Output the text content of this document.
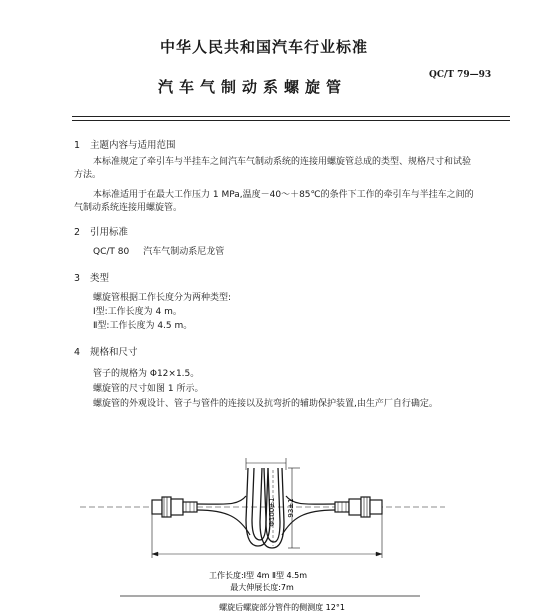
中华人民共和国汽车行业标准
汽车气制动系螺旋管
QC/T 79—93
1 主题内容与适用范围
本标准规定了牵引车与半挂车之间汽车气制动系统的连接用螺旋管总成的类型、规格尺寸和试验
方法。
本标准适用于在最大工作压力 1 MPa,温度－40～＋85℃的条件下工作的牵引车与半挂车之间的
气制动系统连接用螺旋管。
2 引用标准
QC/T 80 汽车气制动系尼龙管
3 类型
螺旋管根据工作长度分为两种类型:
Ⅰ型:工作长度为 4 m。
Ⅱ型:工作长度为 4.5 m。
4 规格和尺寸
管子的规格为 Φ12×1.5。
螺旋管的尺寸如图 1 所示。
螺旋管的外观设计、管子与管件的连接以及抗弯折的辅助保护装置,由生产厂自行确定。
93±1
Φ100±1
工作长度:Ⅰ型 4m Ⅱ型 4.5m
最大伸展长度:7m
螺旋后螺旋部分管件的侧测度 12°1
